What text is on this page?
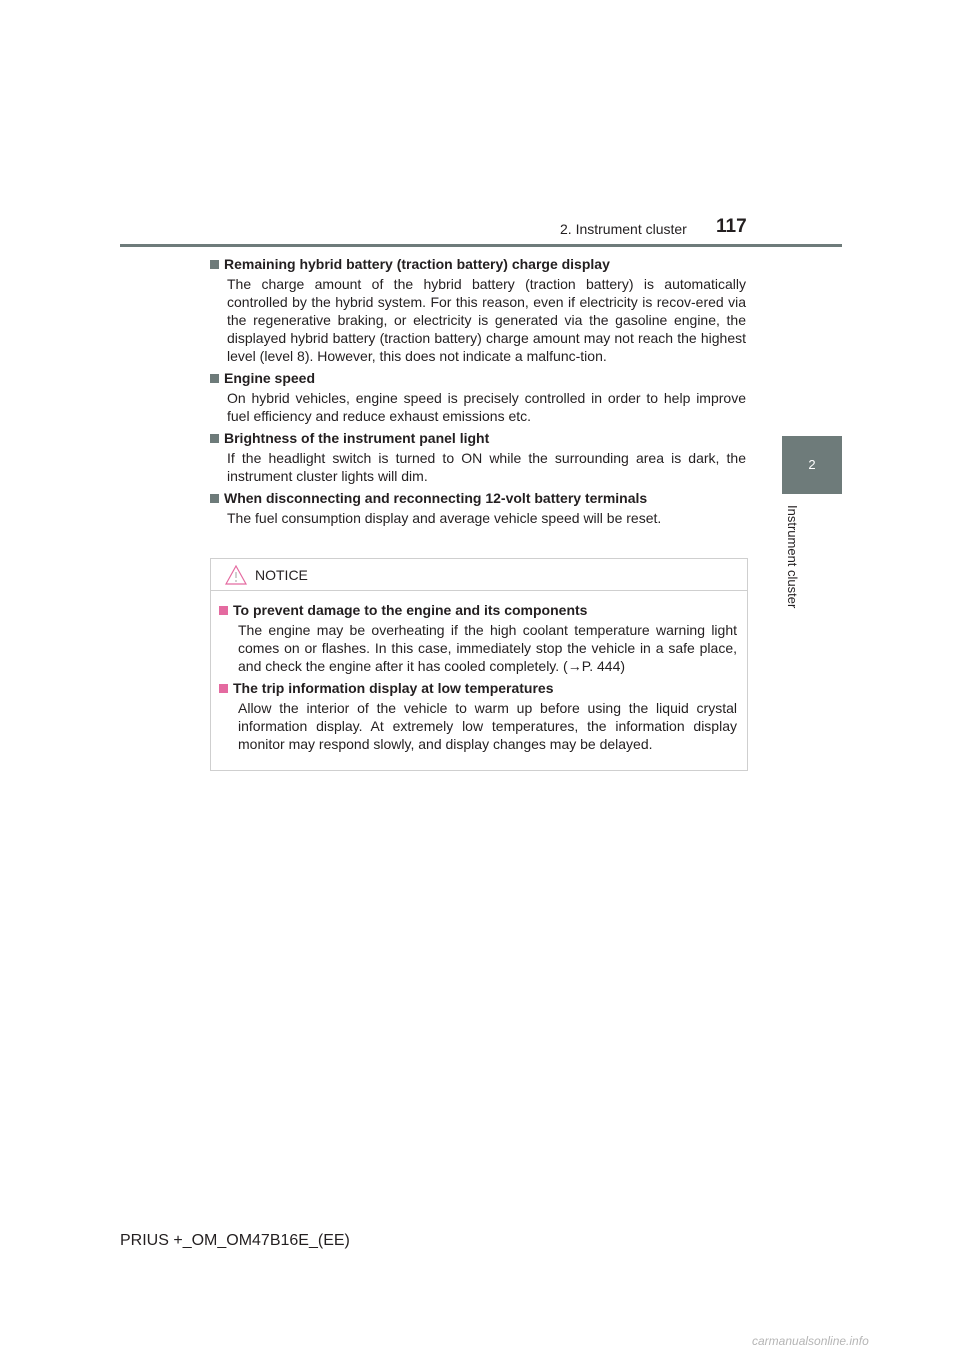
2. Instrument cluster 117
2
Instrument cluster
Remaining hybrid battery (traction battery) charge display
The charge amount of the hybrid battery (traction battery) is automatically controlled by the hybrid system. For this reason, even if electricity is recov-ered via the regenerative braking, or electricity is generated via the gasoline engine, the displayed hybrid battery (traction battery) charge amount may not reach the highest level (level 8). However, this does not indicate a malfunc-tion.
Engine speed
On hybrid vehicles, engine speed is precisely controlled in order to help improve fuel efficiency and reduce exhaust emissions etc.
Brightness of the instrument panel light
If the headlight switch is turned to ON while the surrounding area is dark, the instrument cluster lights will dim.
When disconnecting and reconnecting 12-volt battery terminals
The fuel consumption display and average vehicle speed will be reset.
NOTICE
To prevent damage to the engine and its components
The engine may be overheating if the high coolant temperature warning light comes on or flashes. In this case, immediately stop the vehicle in a safe place, and check the engine after it has cooled completely. (→P. 444)
The trip information display at low temperatures
Allow the interior of the vehicle to warm up before using the liquid crystal information display. At extremely low temperatures, the information display monitor may respond slowly, and display changes may be delayed.
PRIUS +_OM_OM47B16E_(EE)
carmanualsonline.info
